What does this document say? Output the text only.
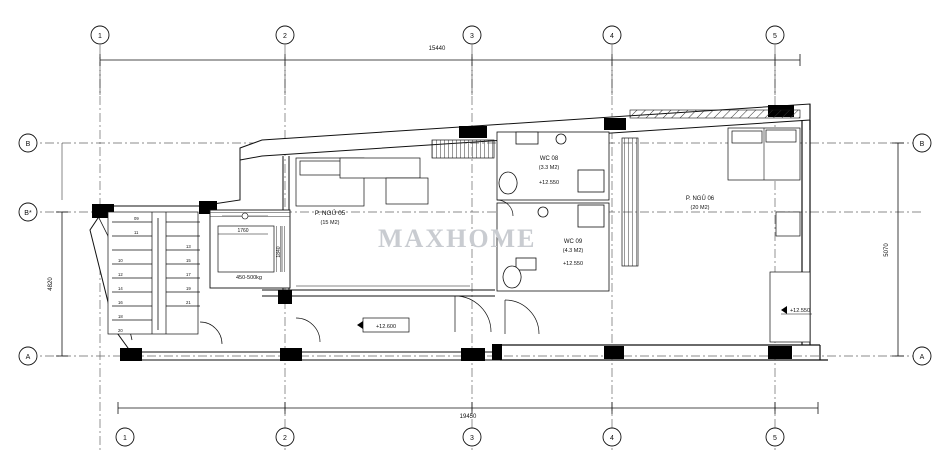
15440
19450
4820
5070
1	2	3	4	5
1	2	3	4	5
B
B*
A
B
A
WC 08
(3.3 M2)
+12.550
WC 09
(4.3 M2)
+12.550
P. NGỦ 06
(20 M2)
P. NGỦ 05
(15 M2)
09
11
13
15
17
19
21
10
12
14
16
18
20
1760
1840
450-500kg
+12.600
+12.550
MAXHOME
